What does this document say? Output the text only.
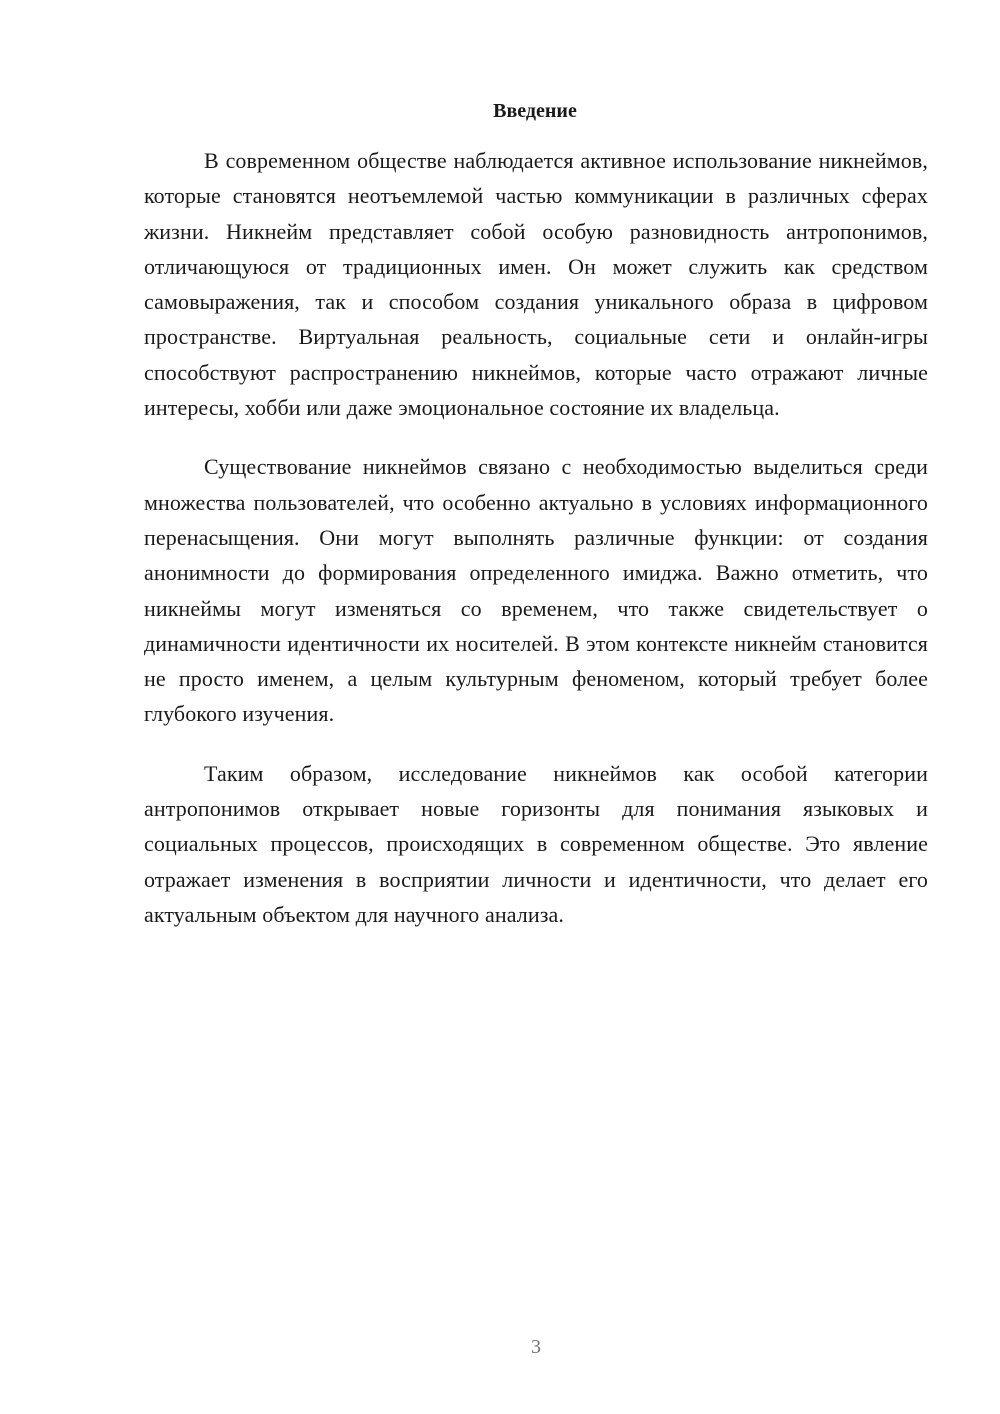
Введение

В современном обществе наблюдается активное использование никнеймов, которые становятся неотъемлемой частью коммуникации в различных сферах жизни. Никнейм представляет собой особую разновидность антропонимов, отличающуюся от традиционных имен. Он может служить как средством самовыражения, так и способом создания уникального образа в цифровом пространстве. Виртуальная реальность, социальные сети и онлайн-игры способствуют распространению никнеймов, которые часто отражают личные интересы, хобби или даже эмоциональное состояние их владельца.

Существование никнеймов связано с необходимостью выделиться среди множества пользователей, что особенно актуально в условиях информационного перенасыщения. Они могут выполнять различные функции: от создания анонимности до формирования определенного имиджа. Важно отметить, что никнеймы могут изменяться со временем, что также свидетельствует о динамичности идентичности их носителей. В этом контексте никнейм становится не просто именем, а целым культурным феноменом, который требует более глубокого изучения.

Таким образом, исследование никнеймов как особой категории антропонимов открывает новые горизонты для понимания языковых и социальных процессов, происходящих в современном обществе. Это явление отражает изменения в восприятии личности и идентичности, что делает его актуальным объектом для научного анализа.

3
